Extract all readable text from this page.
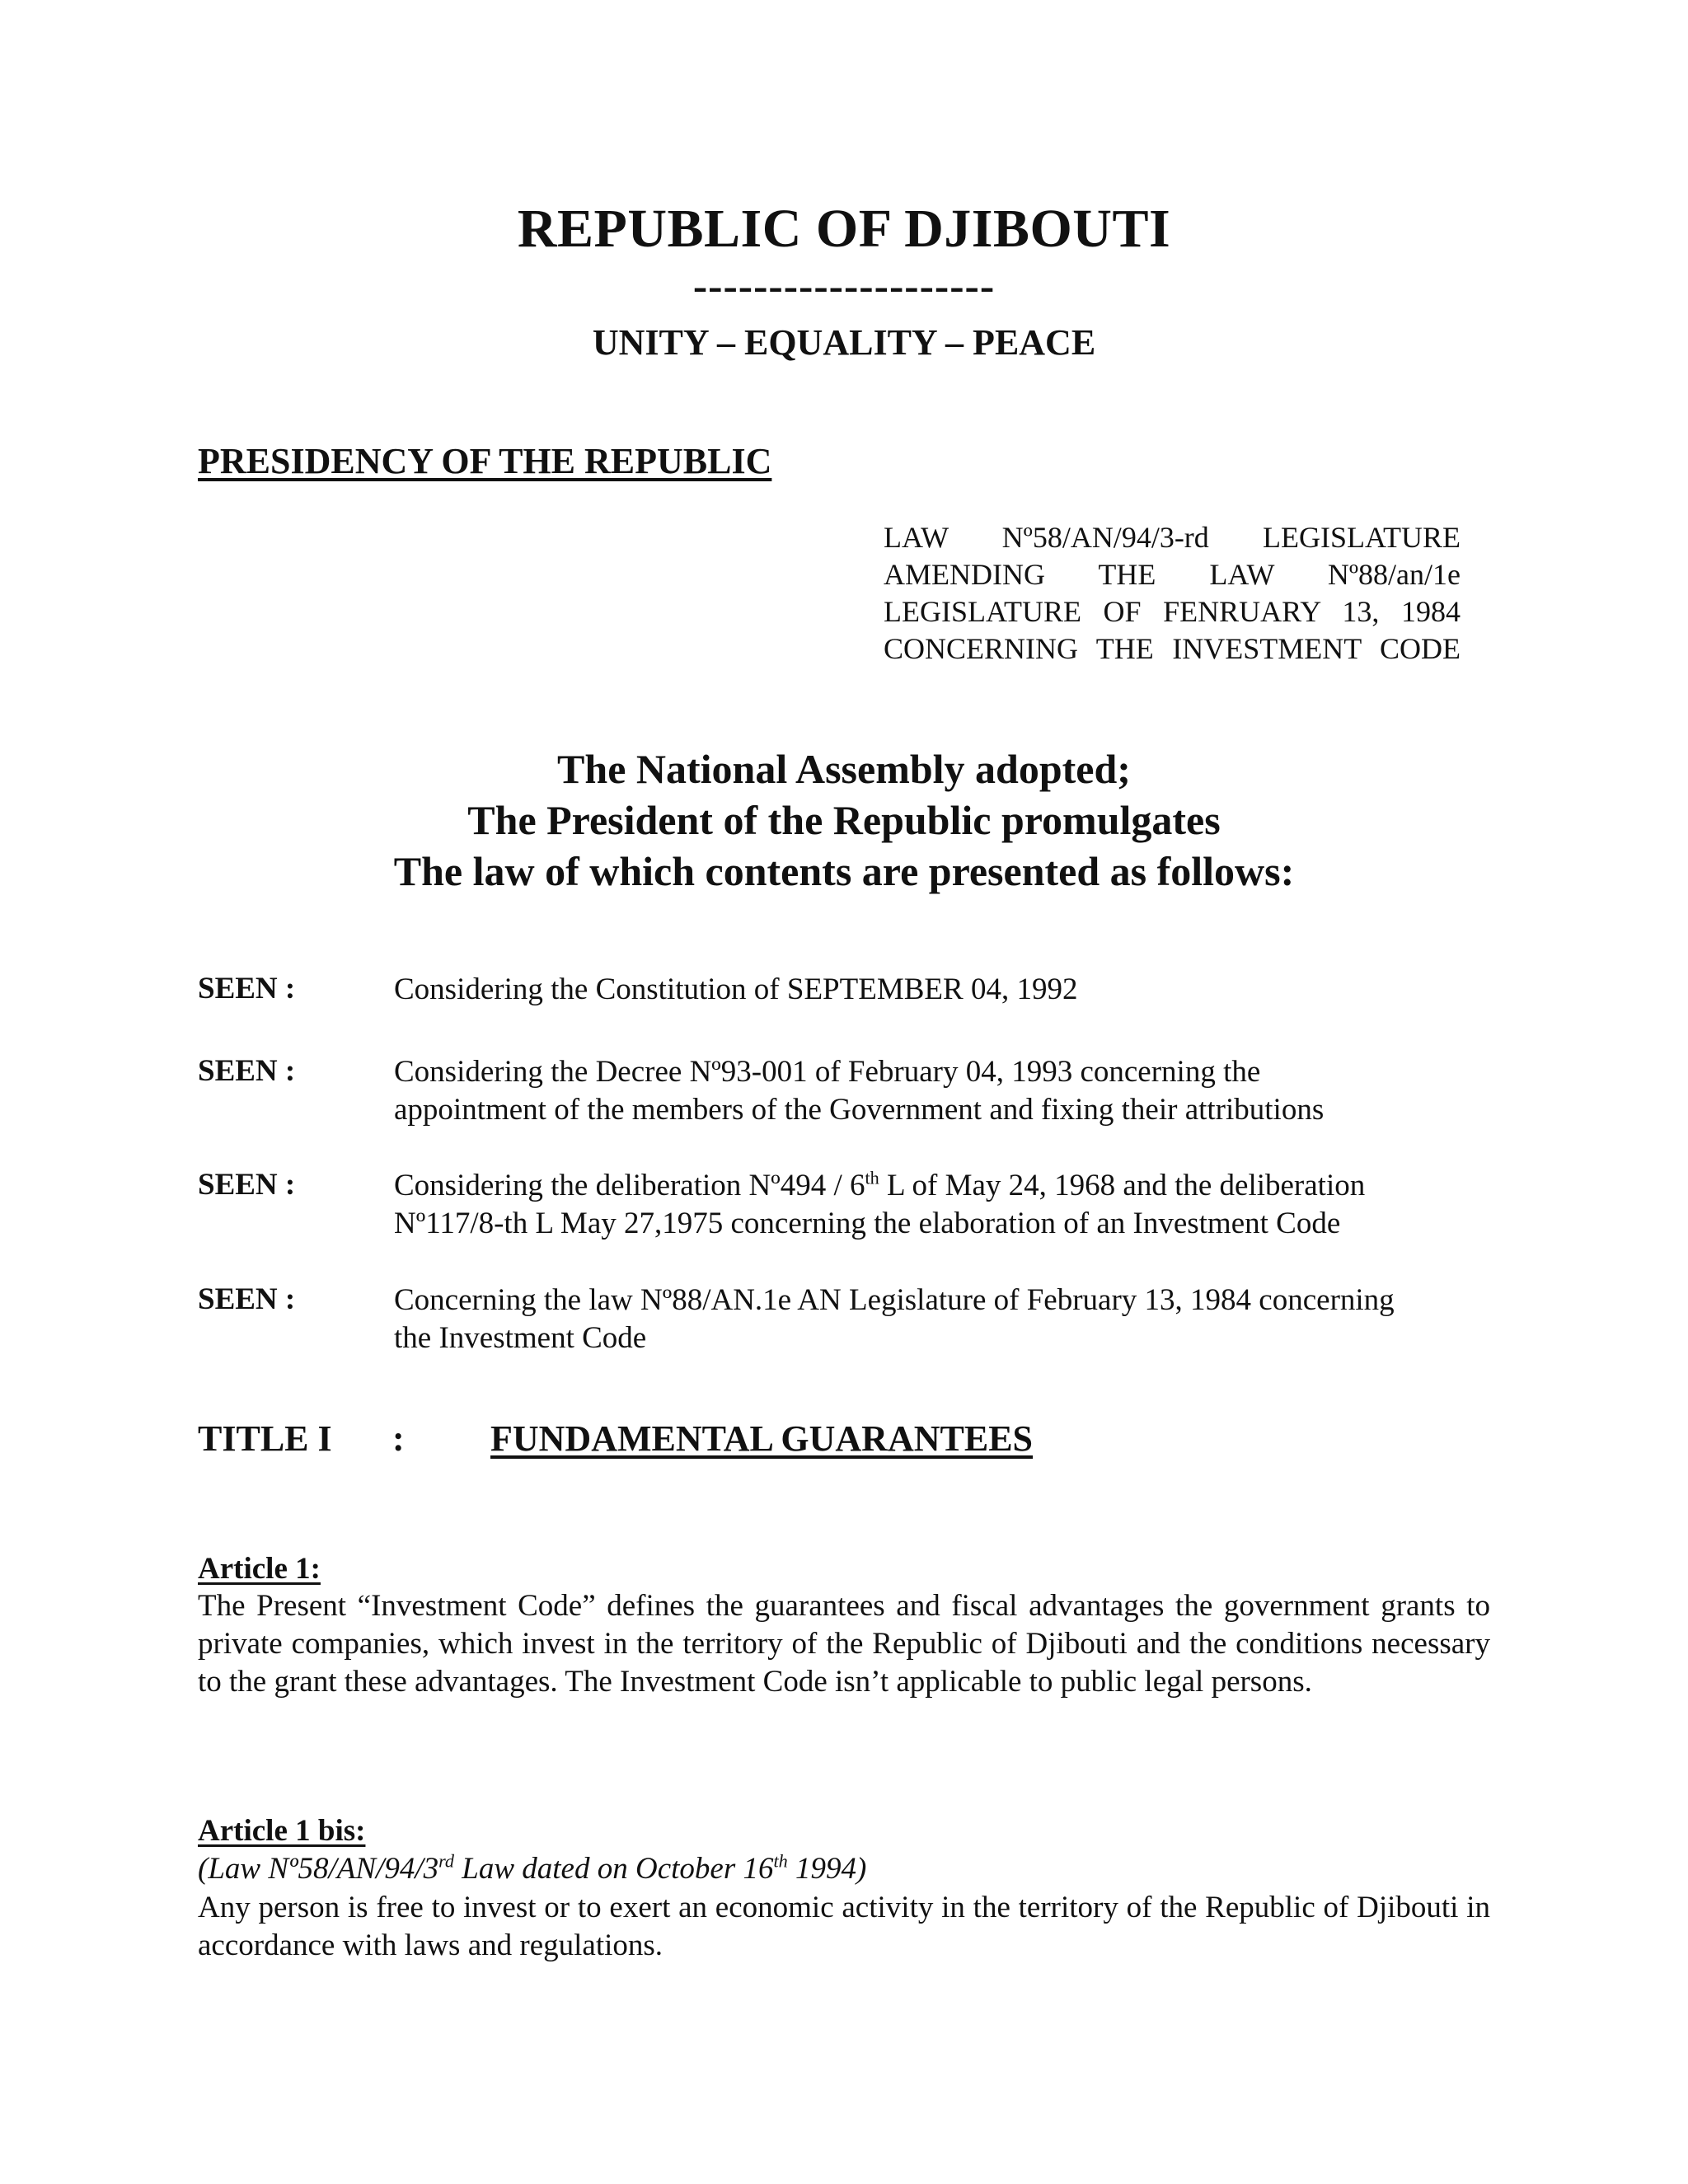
REPUBLIC OF DJIBOUTI
--------------------
UNITY – EQUALITY – PEACE
PRESIDENCY OF THE REPUBLIC
LAW Nº58/AN/94/3-rd LEGISLATURE
AMENDING THE LAW Nº88/an/1e
LEGISLATURE OF FENRUARY 13, 1984
CONCERNING THE INVESTMENT CODE
The National Assembly adopted;
The President of the Republic promulgates
The law of which contents are presented as follows:
SEEN :	Considering the Constitution of SEPTEMBER 04, 1992
SEEN :	Considering the Decree Nº93-001 of February 04, 1993 concerning the
appointment of the members of the Government and fixing their attributions
SEEN :	Considering the deliberation Nº494 / 6th L of May 24, 1968 and the deliberation
Nº117/8-th L May 27,1975 concerning the elaboration of an Investment Code
SEEN :	Concerning the law Nº88/AN.1e AN Legislature of February 13, 1984 concerning
the Investment Code
TITLE I : FUNDAMENTAL GUARANTEES
Article 1:
The Present “Investment Code” defines the guarantees and fiscal advantages the government grants to private companies, which invest in the territory of the Republic of Djibouti and the conditions necessary to the grant these advantages. The Investment Code isn’t applicable to public legal persons.
Article 1 bis:
(Law Nº58/AN/94/3rd Law dated on October 16th 1994)
Any person is free to invest or to exert an economic activity in the territory of the Republic of Djibouti in accordance with laws and regulations.
